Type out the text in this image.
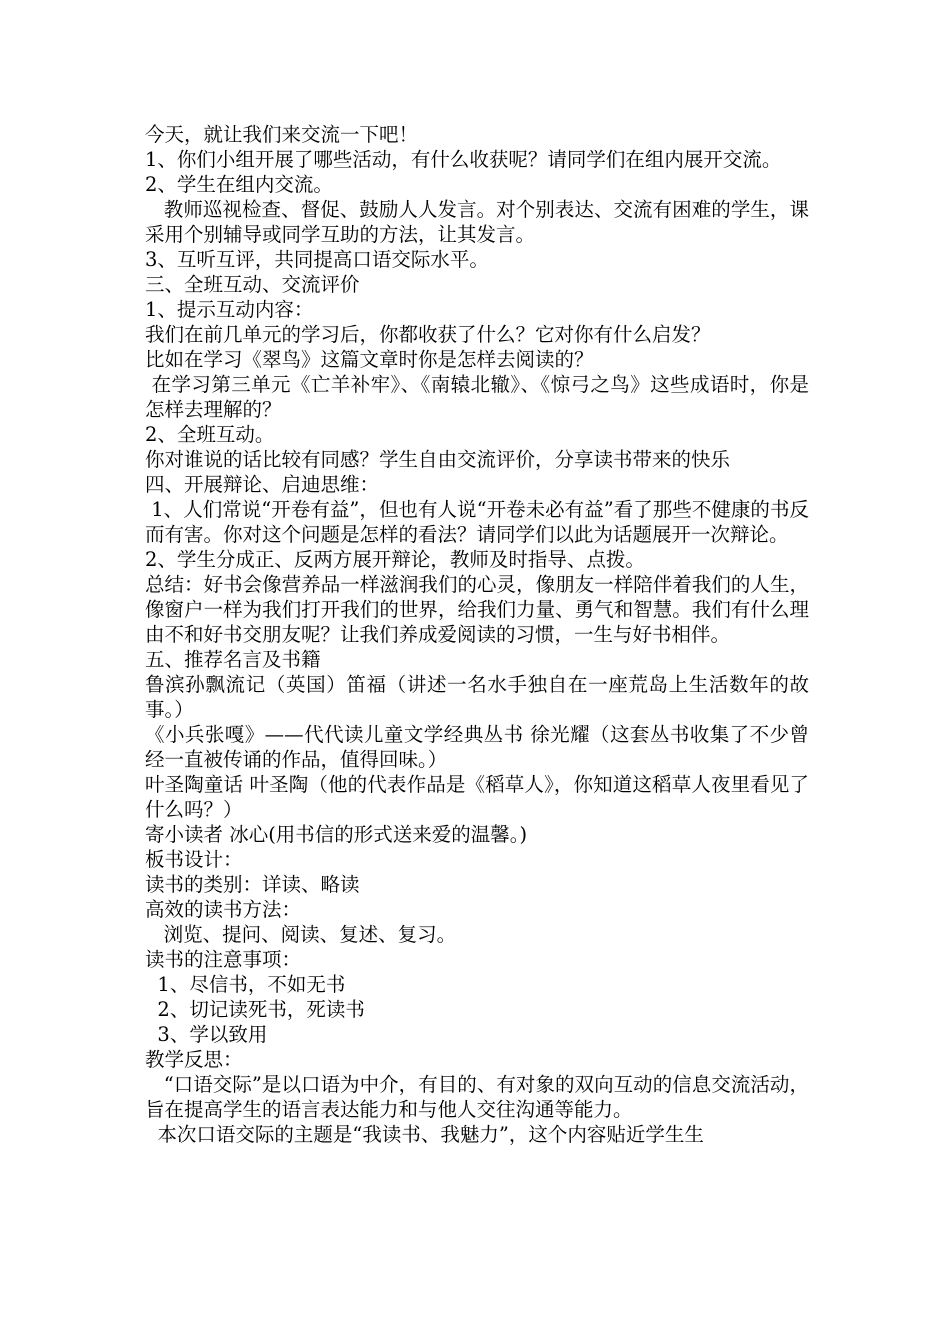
今天，就让我们来交流一下吧！

1、你们小组开展了哪些活动，有什么收获呢？请同学们在组内展开交流。

2、学生在组内交流。

教师巡视检查、督促、鼓励人人发言。对个别表达、交流有困难的学生，课采用个别辅导或同学互助的方法，让其发言。

3、互听互评，共同提高口语交际水平。

三、全班互动、交流评价

1、提示互动内容：

我们在前几单元的学习后，你都收获了什么？它对你有什么启发？

比如在学习《翠鸟》这篇文章时你是怎样去阅读的？

在学习第三单元《亡羊补牢》、《南辕北辙》、《惊弓之鸟》这些成语时，你是怎样去理解的？

2、全班互动。

你对谁说的话比较有同感？学生自由交流评价，分享读书带来的快乐

四、开展辩论、启迪思维：

1、人们常说“开卷有益”，但也有人说“开卷未必有益”看了那些不健康的书反而有害。你对这个问题是怎样的看法？请同学们以此为话题展开一次辩论。

2、学生分成正、反两方展开辩论，教师及时指导、点拨。

总结：好书会像营养品一样滋润我们的心灵，像朋友一样陪伴着我们的人生，像窗户一样为我们打开我们的世界，给我们力量、勇气和智慧。我们有什么理由不和好书交朋友呢？让我们养成爱阅读的习惯，一生与好书相伴。

五、推荐名言及书籍

鲁滨孙飘流记（英国）笛福（讲述一名水手独自在一座荒岛上生活数年的故事。）

《小兵张嘎》——代代读儿童文学经典丛书 徐光耀（这套丛书收集了不少曾经一直被传诵的作品，值得回味。）

叶圣陶童话 叶圣陶（他的代表作品是《稻草人》，你知道这稻草人夜里看见了什么吗？）

寄小读者 冰心(用书信的形式送来爱的温馨。)

板书设计：

读书的类别：详读、略读

高效的读书方法：

浏览、提问、阅读、复述、复习。

读书的注意事项：

1、尽信书，不如无书

2、切记读死书，死读书

3、学以致用

教学反思：

“口语交际”是以口语为中介，有目的、有对象的双向互动的信息交流活动，旨在提高学生的语言表达能力和与他人交往沟通等能力。

本次口语交际的主题是“我读书、我魅力”，这个内容贴近学生生
